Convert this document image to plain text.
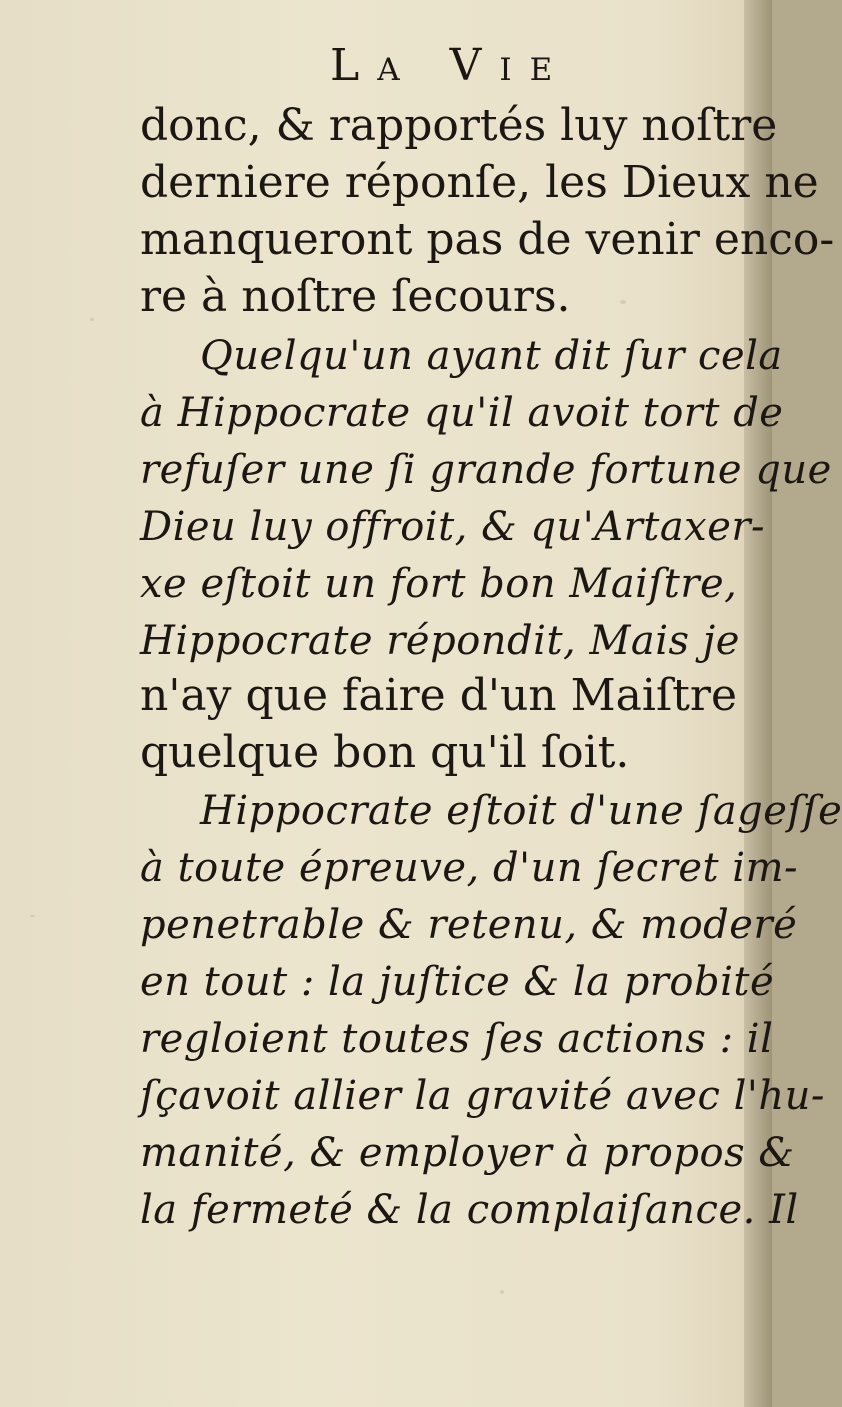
La Vie
donc, & rapportés luy noſtre
derniere réponſe, les Dieux ne
manqueront pas de venir enco-
re à noſtre ſecours.
Quelqu'un ayant dit ſur cela
à Hippocrate qu'il avoit tort de
refuſer une ſi grande fortune que
Dieu luy offroit, & qu'Artaxer-
xe eſtoit un fort bon Maiſtre,
Hippocrate répondit, Mais je
n'ay que faire d'un Maiſtre
quelque bon qu'il ſoit.
Hippocrate eſtoit d'une ſageſſe
à toute épreuve, d'un ſecret im-
penetrable & retenu, & moderé
en tout : la juſtice & la probité
regloient toutes ſes actions : il
ſçavoit allier la gravité avec l'hu-
manité, & employer à propos &
la fermeté & la complaiſance. Il
